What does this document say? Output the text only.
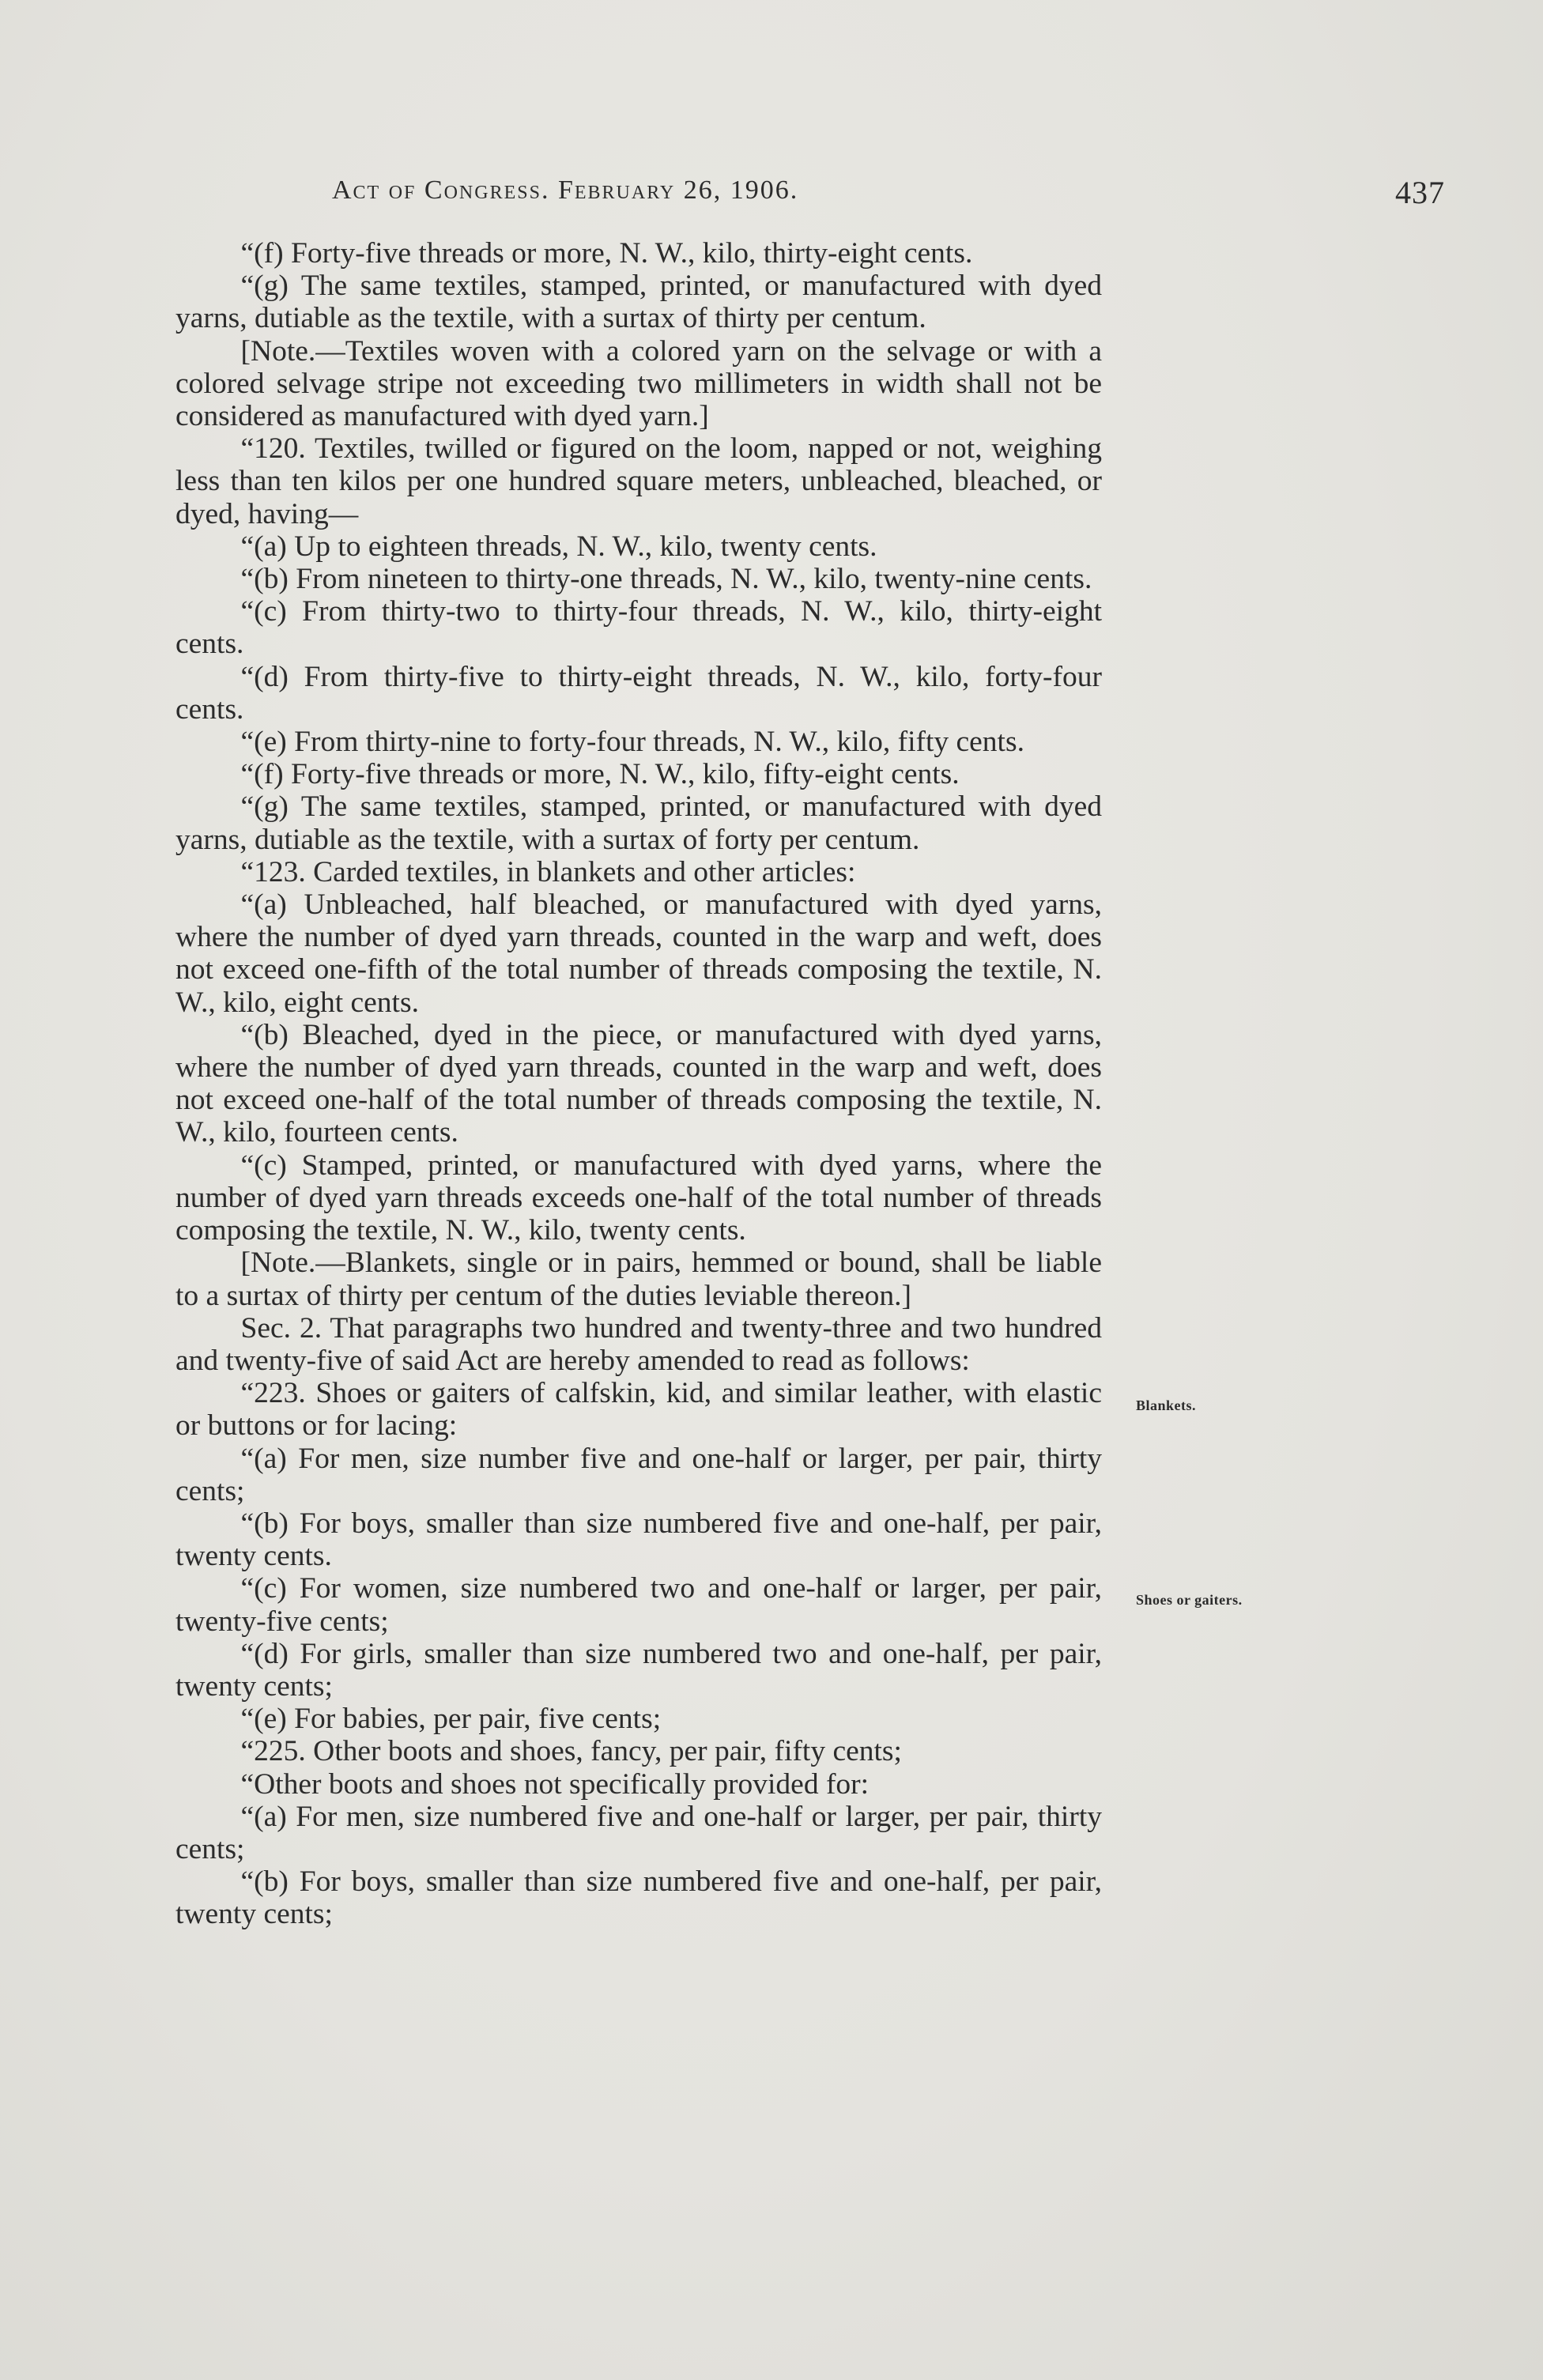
Act of Congress. February 26, 1906.	437

“(f) Forty-five threads or more, N. W., kilo, thirty-eight cents.

“(g) The same textiles, stamped, printed, or manufactured with dyed yarns, dutiable as the textile, with a surtax of thirty per centum.

[Note.—Textiles woven with a colored yarn on the selvage or with a colored selvage stripe not exceeding two millimeters in width shall not be considered as manufactured with dyed yarn.]

“120. Textiles, twilled or figured on the loom, napped or not, weighing less than ten kilos per one hundred square meters, unbleached, bleached, or dyed, having—

“(a) Up to eighteen threads, N. W., kilo, twenty cents.

“(b) From nineteen to thirty-one threads, N. W., kilo, twenty-nine cents.

“(c) From thirty-two to thirty-four threads, N. W., kilo, thirty-eight cents.

“(d) From thirty-five to thirty-eight threads, N. W., kilo, forty-four cents.

“(e) From thirty-nine to forty-four threads, N. W., kilo, fifty cents.

“(f) Forty-five threads or more, N. W., kilo, fifty-eight cents.

“(g) The same textiles, stamped, printed, or manufactured with dyed yarns, dutiable as the textile, with a surtax of forty per centum.

“123. Carded textiles, in blankets and other articles:

“(a) Unbleached, half bleached, or manufactured with dyed yarns, where the number of dyed yarn threads, counted in the warp and weft, does not exceed one-fifth of the total number of threads composing the textile, N. W., kilo, eight cents.

“(b) Bleached, dyed in the piece, or manufactured with dyed yarns, where the number of dyed yarn threads, counted in the warp and weft, does not exceed one-half of the total number of threads composing the textile, N. W., kilo, fourteen cents.

“(c) Stamped, printed, or manufactured with dyed yarns, where the number of dyed yarn threads exceeds one-half of the total number of threads composing the textile, N. W., kilo, twenty cents.

[Note.—Blankets, single or in pairs, hemmed or bound, shall be liable to a surtax of thirty per centum of the duties leviable thereon.]

Sec. 2. That paragraphs two hundred and twenty-three and two hundred and twenty-five of said Act are hereby amended to read as follows:

“223. Shoes or gaiters of calfskin, kid, and similar leather, with elastic or buttons or for lacing:

“(a) For men, size number five and one-half or larger, per pair, thirty cents;

“(b) For boys, smaller than size numbered five and one-half, per pair, twenty cents.

“(c) For women, size numbered two and one-half or larger, per pair, twenty-five cents;

“(d) For girls, smaller than size numbered two and one-half, per pair, twenty cents;

“(e) For babies, per pair, five cents;

“225. Other boots and shoes, fancy, per pair, fifty cents;

“Other boots and shoes not specifically provided for:

“(a) For men, size numbered five and one-half or larger, per pair, thirty cents;

“(b) For boys, smaller than size numbered five and one-half, per pair, twenty cents;

Blankets.
Shoes or gaiters.
